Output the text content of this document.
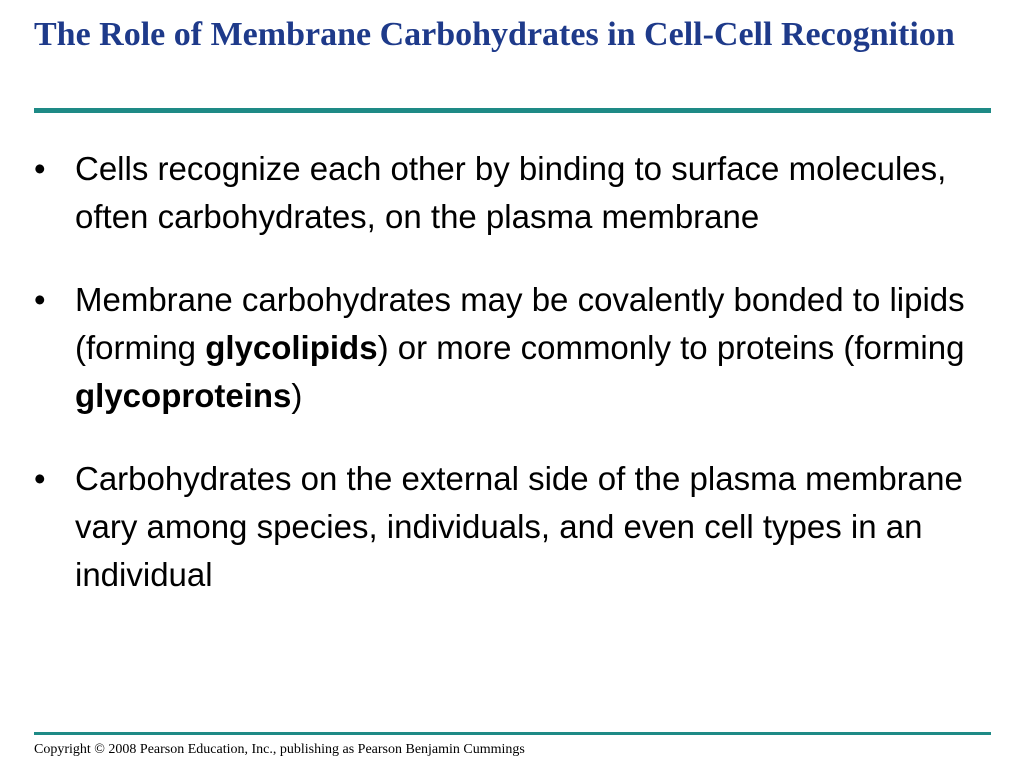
The Role of Membrane Carbohydrates in Cell-Cell Recognition
• Cells recognize each other by binding to surface molecules, often carbohydrates, on the plasma membrane
• Membrane carbohydrates may be covalently bonded to lipids (forming glycolipids) or more commonly to proteins (forming glycoproteins)
• Carbohydrates on the external side of the plasma membrane vary among species, individuals, and even cell types in an individual
Copyright © 2008 Pearson Education, Inc., publishing as Pearson Benjamin Cummings
